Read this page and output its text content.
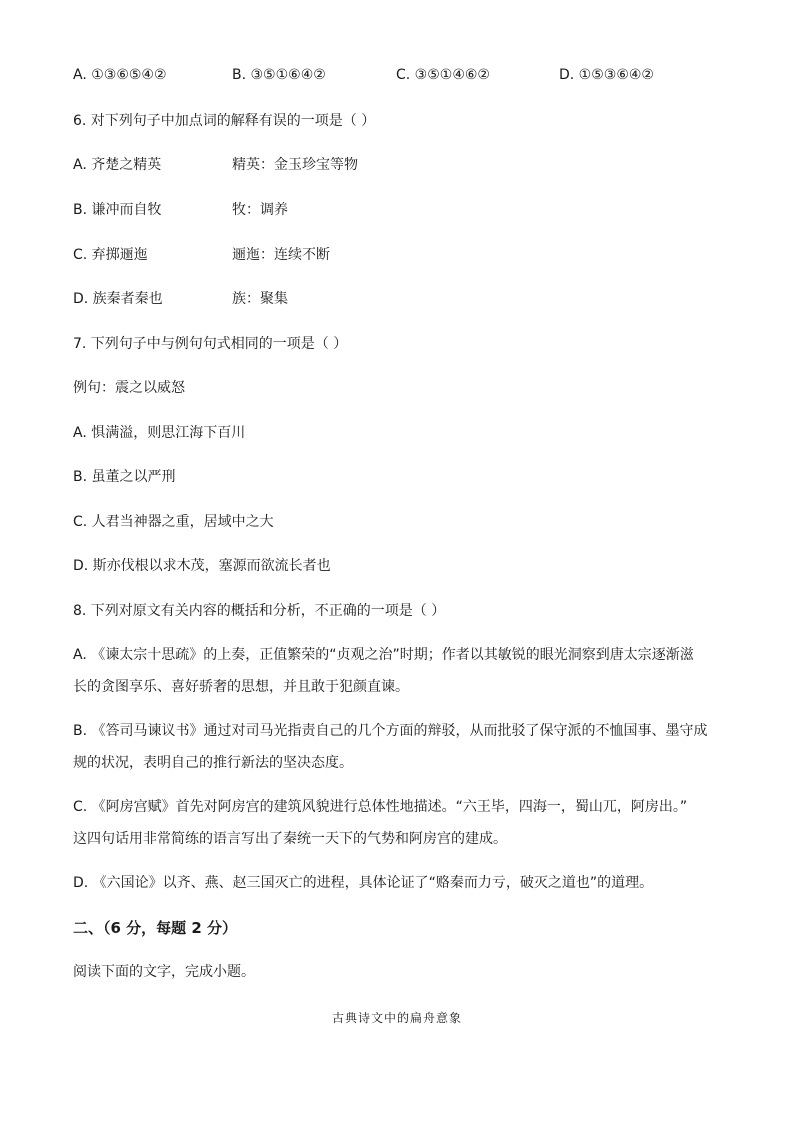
A. ①③⑥⑤④②	B. ③⑤①⑥④②	C. ③⑤①④⑥②	D. ①⑤③⑥④②
6. 对下列句子中加点词的解释有误的一项是（ ）
A. 齐楚之精英	精英：金玉珍宝等物
B. 谦冲而自牧	牧：调养
C. 弃掷逦迤	逦迤：连续不断
D. 族秦者秦也	族：聚集
7. 下列句子中与例句句式相同的一项是（ ）
例句：震之以威怒
A. 惧满溢，则思江海下百川
B. 虽董之以严刑
C. 人君当神器之重，居域中之大
D. 斯亦伐根以求木茂，塞源而欲流长者也
8. 下列对原文有关内容的概括和分析，不正确的一项是（ ）
A. 《谏太宗十思疏》的上奏，正值繁荣的“贞观之治”时期；作者以其敏锐的眼光洞察到唐太宗逐渐滋
长的贪图享乐、喜好骄奢的思想，并且敢于犯颜直谏。
B. 《答司马谏议书》通过对司马光指责自己的几个方面的辩驳，从而批驳了保守派的不恤国事、墨守成
规的状况，表明自己的推行新法的坚决态度。
C. 《阿房宫赋》首先对阿房宫的建筑风貌进行总体性地描述。“六王毕，四海一，蜀山兀，阿房出。”
这四句话用非常简练的语言写出了秦统一天下的气势和阿房宫的建成。
D. 《六国论》以齐、燕、赵三国灭亡的进程，具体论证了“赂秦而力亏，破灭之道也”的道理。
二、（6 分，每题 2 分）
阅读下面的文字，完成小题。
古典诗文中的扁舟意象
